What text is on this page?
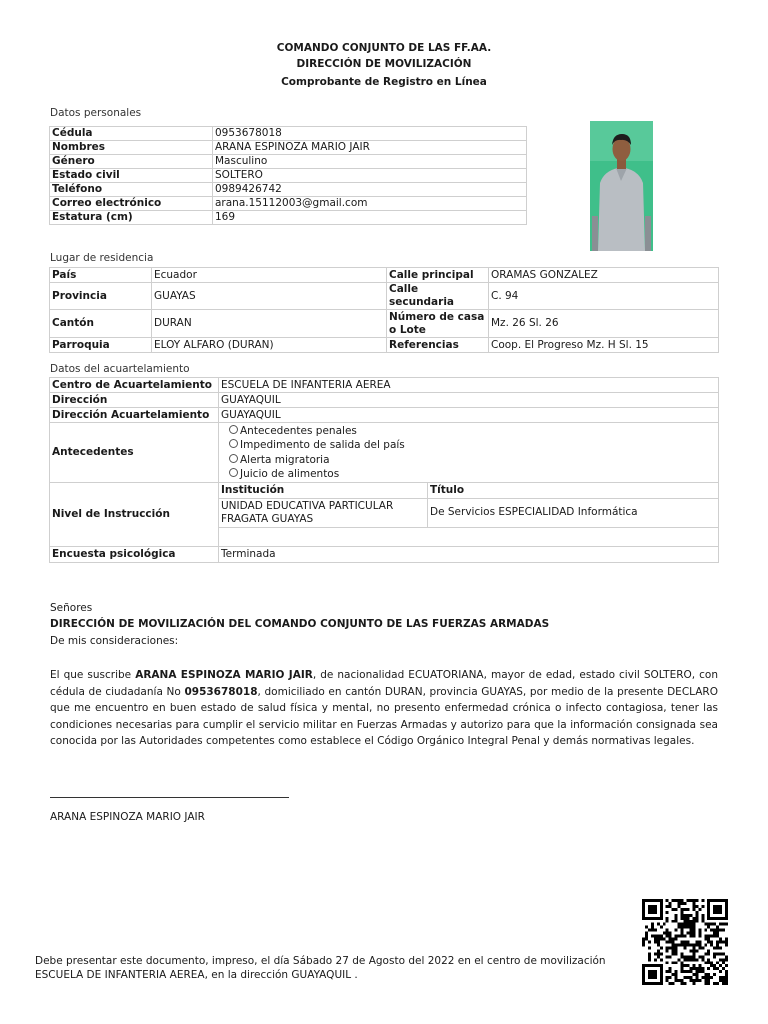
COMANDO CONJUNTO DE LAS FF.AA.
DIRECCIÓN DE MOVILIZACIÓN
Comprobante de Registro en Línea
Datos personales
Cédula	0953678018
Nombres	ARANA ESPINOZA MARIO JAIR
Género	Masculino
Estado civil	SOLTERO
Teléfono	0989426742
Correo electrónico	arana.15112003@gmail.com
Estatura (cm)	169
Lugar de residencia
País	Ecuador	Calle principal	ORAMAS GONZALEZ
Provincia	GUAYAS	Calle secundaria	C. 94
Cantón	DURAN	Número de casa o Lote	Mz. 26 Sl. 26
Parroquia	ELOY ALFARO (DURAN)	Referencias	Coop. El Progreso Mz. H Sl. 15
Datos del acuartelamiento
Centro de Acuartelamiento	ESCUELA DE INFANTERIA AEREA
Dirección	GUAYAQUIL
Dirección Acuartelamiento	GUAYAQUIL
Antecedentes	
Antecedentes penales
Impedimento de salida del país
Alerta migratoria
Juicio de alimentos

Nivel de Instrucción	
Institución	Título
UNIDAD EDUCATIVA PARTICULAR FRAGATA GUAYAS	De Servicios ESPECIALIDAD Informática

Encuesta psicológica	Terminada
Señores
DIRECCIÓN DE MOVILIZACIÓN DEL COMANDO CONJUNTO DE LAS FUERZAS ARMADAS
De mis consideraciones:
El que suscribe ARANA ESPINOZA MARIO JAIR, de nacionalidad ECUATORIANA, mayor de edad, estado civil SOLTERO, con cédula de ciudadanía No 0953678018, domiciliado en cantón DURAN, provincia GUAYAS, por medio de la presente DECLARO que me encuentro en buen estado de salud física y mental, no presento enfermedad crónica o infecto contagiosa, tener las condiciones necesarias para cumplir el servicio militar en Fuerzas Armadas y autorizo para que la información consignada sea conocida por las Autoridades competentes como establece el Código Orgánico Integral Penal y demás normativas legales.
ARANA ESPINOZA MARIO JAIR
Debe presentar este documento, impreso, el día Sábado 27 de Agosto del 2022 en el centro de movilización ESCUELA DE INFANTERIA AEREA, en la dirección GUAYAQUIL .
